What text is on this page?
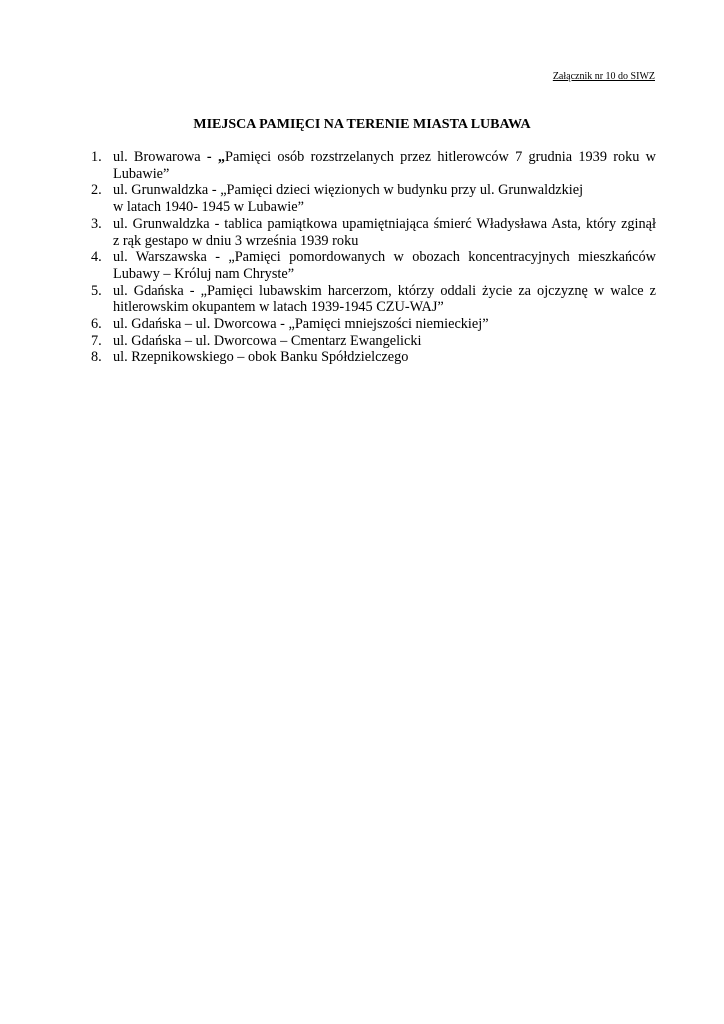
Załącznik nr 10 do SIWZ
MIEJSCA PAMIĘCI NA TERENIE MIASTA LUBAWA
1. ul. Browarowa - „Pamięci osób rozstrzelanych przez hitlerowców 7 grudnia 1939 roku w
Lubawie”
2. ul. Grunwaldzka - „Pamięci dzieci więzionych w budynku przy ul. Grunwaldzkiej
w latach 1940- 1945 w Lubawie”
3. ul. Grunwaldzka - tablica pamiątkowa upamiętniająca śmierć Władysława Asta, który zginął
z rąk gestapo w dniu 3 września 1939 roku
4. ul. Warszawska - „Pamięci pomordowanych w obozach koncentracyjnych mieszkańców
Lubawy – Króluj nam Chryste”
5. ul. Gdańska - „Pamięci lubawskim harcerzom, którzy oddali życie za ojczyznę w walce z
hitlerowskim okupantem w latach 1939-1945 CZU-WAJ”
6. ul. Gdańska – ul. Dworcowa - „Pamięci mniejszości niemieckiej”
7. ul. Gdańska – ul. Dworcowa – Cmentarz Ewangelicki
8. ul. Rzepnikowskiego – obok Banku Spółdzielczego
